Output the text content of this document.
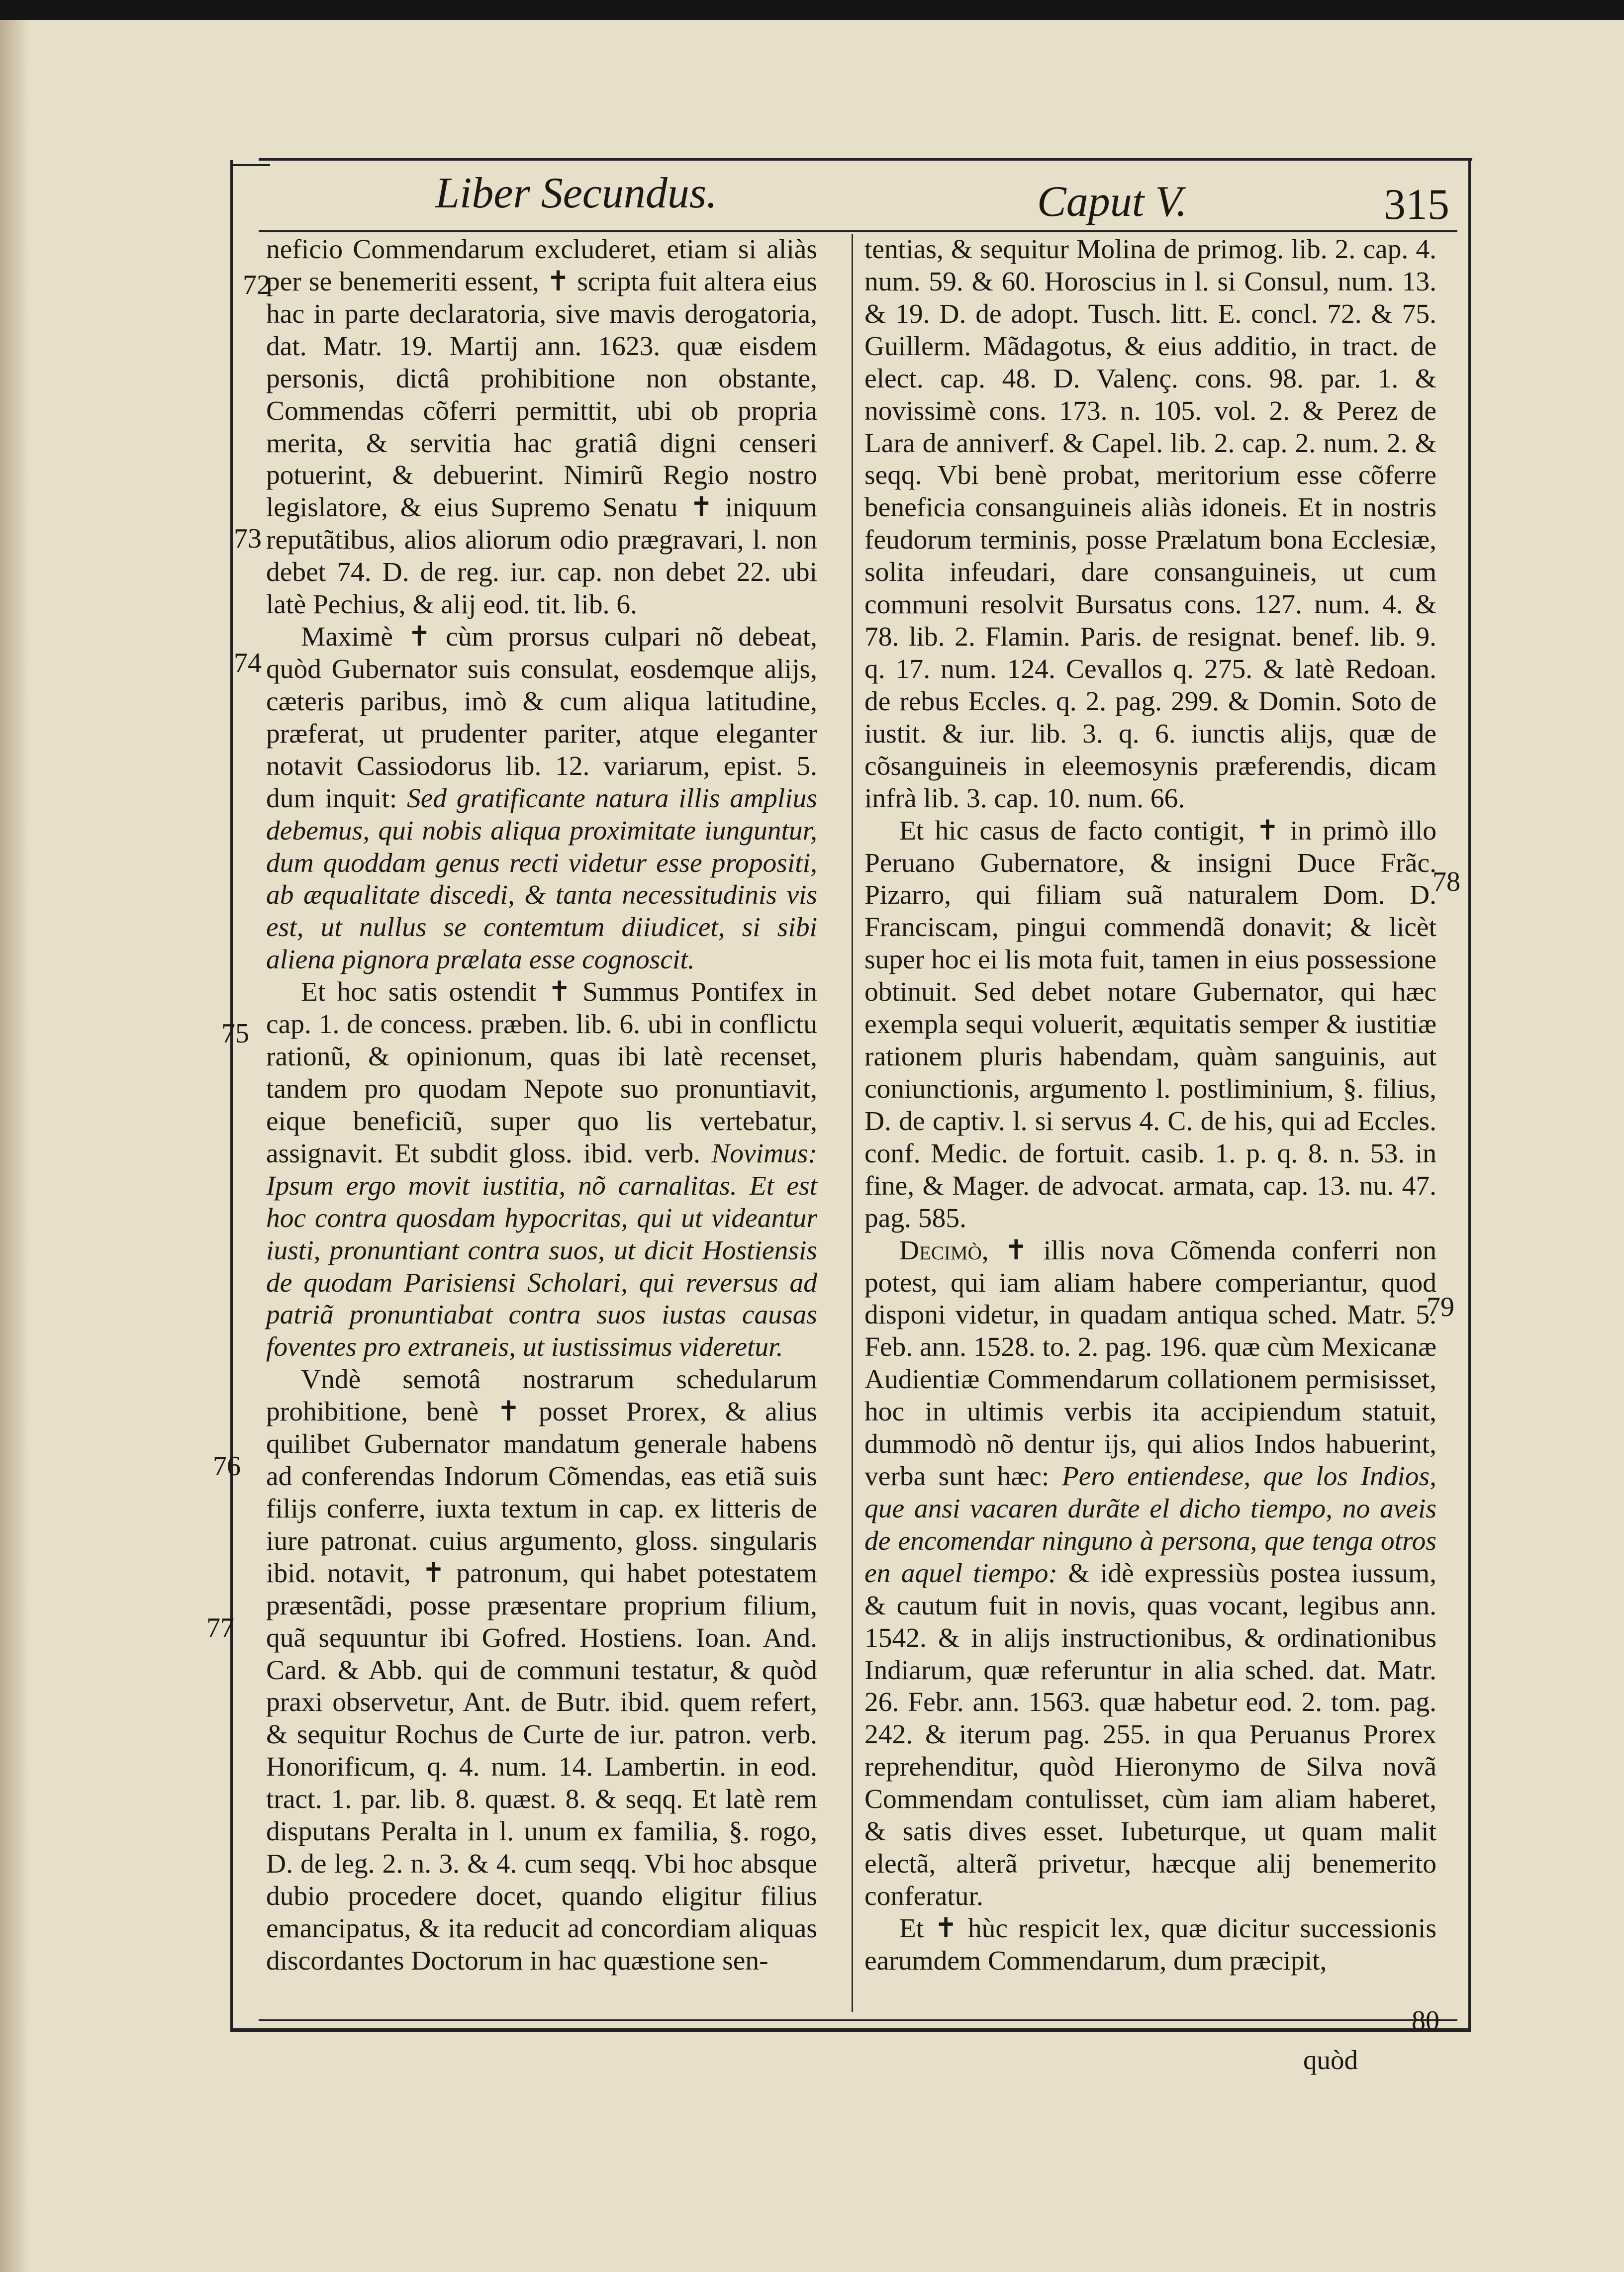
Liber Secundus.	Caput V.	315
72
73
74
75
76
77
78
79
80

neficio Commendarum excluderet, etiam si aliàs per se benemeriti essent, ✝ scripta fuit altera eius hac in parte declaratoria, sive mavis derogatoria, dat. Matr. 19. Martij ann. 1623. quæ eisdem personis, dictâ prohibitione non obstante, Commendas cõferri permittit, ubi ob propria merita, & servitia hac gratiâ digni censeri potuerint, & debuerint. Nimirũ Regio nostro legislatore, & eius Supremo Senatu ✝ iniquum reputãtibus, alios aliorum odio prægravari, l. non debet 74. D. de reg. iur. cap. non debet 22. ubi latè Pechius, & alij eod. tit. lib. 6.

Maximè ✝ cùm prorsus culpari nõ debeat, quòd Gubernator suis consulat, eosdemque alijs, cæteris paribus, imò & cum aliqua latitudine, præferat, ut prudenter pariter, atque eleganter notavit Cassiodorus lib. 12. variarum, epist. 5. dum inquit: Sed gratificante natura illis amplius debemus, qui nobis aliqua proximitate iunguntur, dum quoddam genus recti videtur esse propositi, ab æqualitate discedi, & tanta necessitudinis vis est, ut nullus se contemtum diiudicet, si sibi aliena pignora prælata esse cognoscit.

Et hoc satis ostendit ✝ Summus Pontifex in cap. 1. de concess. præben. lib. 6. ubi in conflictu rationũ, & opinionum, quas ibi latè recenset, tandem pro quodam Nepote suo pronuntiavit, eique beneficiũ, super quo lis vertebatur, assignavit. Et subdit gloss. ibid. verb. Novimus: Ipsum ergo movit iustitia, nõ carnalitas. Et est hoc contra quosdam hypocritas, qui ut videantur iusti, pronuntiant contra suos, ut dicit Hostiensis de quodam Parisiensi Scholari, qui reversus ad patriã pronuntiabat contra suos iustas causas foventes pro extraneis, ut iustissimus videretur.

Vndè semotâ nostrarum schedularum prohibitione, benè ✝ posset Prorex, & alius quilibet Gubernator mandatum generale habens ad conferendas Indorum Cõmendas, eas etiã suis filijs conferre, iuxta textum in cap. ex litteris de iure patronat. cuius argumento, gloss. singularis ibid. notavit, ✝ patronum, qui habet potestatem præsentãdi, posse præsentare proprium filium, quã sequuntur ibi Gofred. Hostiens. Ioan. And. Card. & Abb. qui de communi testatur, & quòd praxi observetur, Ant. de Butr. ibid. quem refert, & sequitur Rochus de Curte de iur. patron. verb. Honorificum, q. 4. num. 14. Lambertin. in eod. tract. 1. par. lib. 8. quæst. 8. & seqq. Et latè rem disputans Peralta in l. unum ex familia, §. rogo, D. de leg. 2. n. 3. & 4. cum seqq. Vbi hoc absque dubio procedere docet, quando eligitur filius emancipatus, & ita reducit ad concordiam aliquas discordantes Doctorum in hac quæstione sen-

tentias, & sequitur Molina de primog. lib. 2. cap. 4. num. 59. & 60. Horoscius in l. si Consul, num. 13. & 19. D. de adopt. Tusch. litt. E. concl. 72. & 75. Guillerm. Mãdagotus, & eius additio, in tract. de elect. cap. 48. D. Valenç. cons. 98. par. 1. & novissimè cons. 173. n. 105. vol. 2. & Perez de Lara de anniverf. & Capel. lib. 2. cap. 2. num. 2. & seqq. Vbi benè probat, meritorium esse cõferre beneficia consanguineis aliàs idoneis. Et in nostris feudorum terminis, posse Prælatum bona Ecclesiæ, solita infeudari, dare consanguineis, ut cum communi resolvit Bursatus cons. 127. num. 4. & 78. lib. 2. Flamin. Paris. de resignat. benef. lib. 9. q. 17. num. 124. Cevallos q. 275. & latè Redoan. de rebus Eccles. q. 2. pag. 299. & Domin. Soto de iustit. & iur. lib. 3. q. 6. iunctis alijs, quæ de cõsanguineis in eleemosynis præferendis, dicam infrà lib. 3. cap. 10. num. 66.

Et hic casus de facto contigit, ✝ in primò illo Peruano Gubernatore, & insigni Duce Frãc. Pizarro, qui filiam suã naturalem Dom. D. Franciscam, pingui commendã donavit; & licèt super hoc ei lis mota fuit, tamen in eius possessione obtinuit. Sed debet notare Gubernator, qui hæc exempla sequi voluerit, æquitatis semper & iustitiæ rationem pluris habendam, quàm sanguinis, aut coniunctionis, argumento l. postliminium, §. filius, D. de captiv. l. si servus 4. C. de his, qui ad Eccles. conf. Medic. de fortuit. casib. 1. p. q. 8. n. 53. in fine, & Mager. de advocat. armata, cap. 13. nu. 47. pag. 585.

Decimò, ✝ illis nova Cõmenda conferri non potest, qui iam aliam habere comperiantur, quod disponi videtur, in quadam antiqua sched. Matr. 5. Feb. ann. 1528. to. 2. pag. 196. quæ cùm Mexicanæ Audientiæ Commendarum collationem permisisset, hoc in ultimis verbis ita accipiendum statuit, dummodò nõ dentur ijs, qui alios Indos habuerint, verba sunt hæc: Pero entiendese, que los Indios, que ansi vacaren durãte el dicho tiempo, no aveis de encomendar ninguno à persona, que tenga otros en aquel tiempo: & idè expressiùs postea iussum, & cautum fuit in novis, quas vocant, legibus ann. 1542. & in alijs instructionibus, & ordinationibus Indiarum, quæ referuntur in alia sched. dat. Matr. 26. Febr. ann. 1563. quæ habetur eod. 2. tom. pag. 242. & iterum pag. 255. in qua Peruanus Prorex reprehenditur, quòd Hieronymo de Silva novã Commendam contulisset, cùm iam aliam haberet, & satis dives esset. Iubeturque, ut quam malit electã, alterã privetur, hæcque alij benemerito conferatur.

Et ✝ hùc respicit lex, quæ dicitur successionis earumdem Commendarum, dum præcipit,

quòd
